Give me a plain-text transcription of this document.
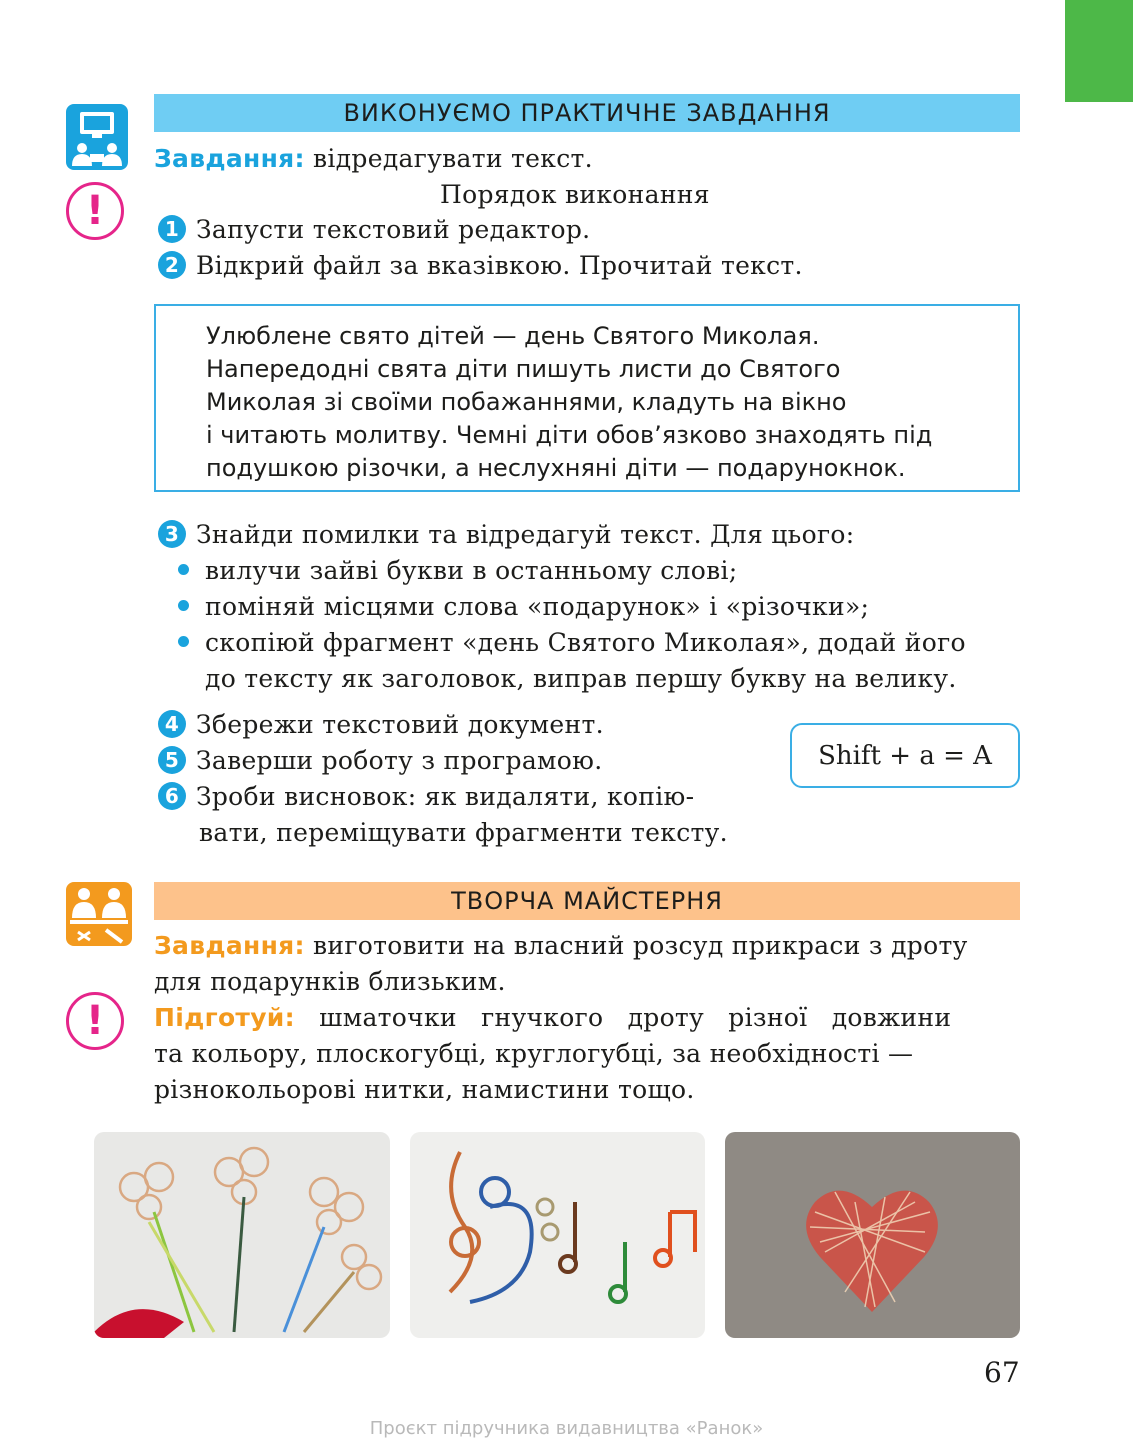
!
ВИКОНУЄМО ПРАКТИЧНЕ ЗАВДАННЯ
Завдання: відредагувати текст.
Порядок виконання
1 Запусти текстовий редактор.
2 Відкрий файл за вказівкою. Прочитай текст.
Улюблене свято дітей — день Святого Миколая.
Напередодні свята діти пишуть листи до Святого
Миколая зі своїми побажаннями, кладуть на вікно
і читають молитву. Чемні діти обов’язково знаходять під
подушкою різочки, а неслухняні діти — подарунокнок.
3 Знайди помилки та відредагуй текст. Для цього:
вилучи зайві букви в останньому слові;
поміняй місцями слова «подарунок» і «різочки»;
скопіюй фрагмент «день Святого Миколая», додай його
до тексту як заголовок, виправ першу букву на велику.
4 Збережи текстовий документ.
5 Заверши роботу з програмою.
6 Зроби висновок: як видаляти, копію-
вати, переміщувати фрагменти тексту.
Shift + a = A
!
ТВОРЧА МАЙСТЕРНЯ
Завдання: виготовити на власний розсуд прикраси з дроту
для подарунків близьким.
Підготуй: шматочки гнучкого дроту різної довжини
та кольору, плоскогубці, круглогубці, за необхідності —
різнокольорові нитки, намистини тощо.
67
Проєкт підручника видавництва «Ранок»
